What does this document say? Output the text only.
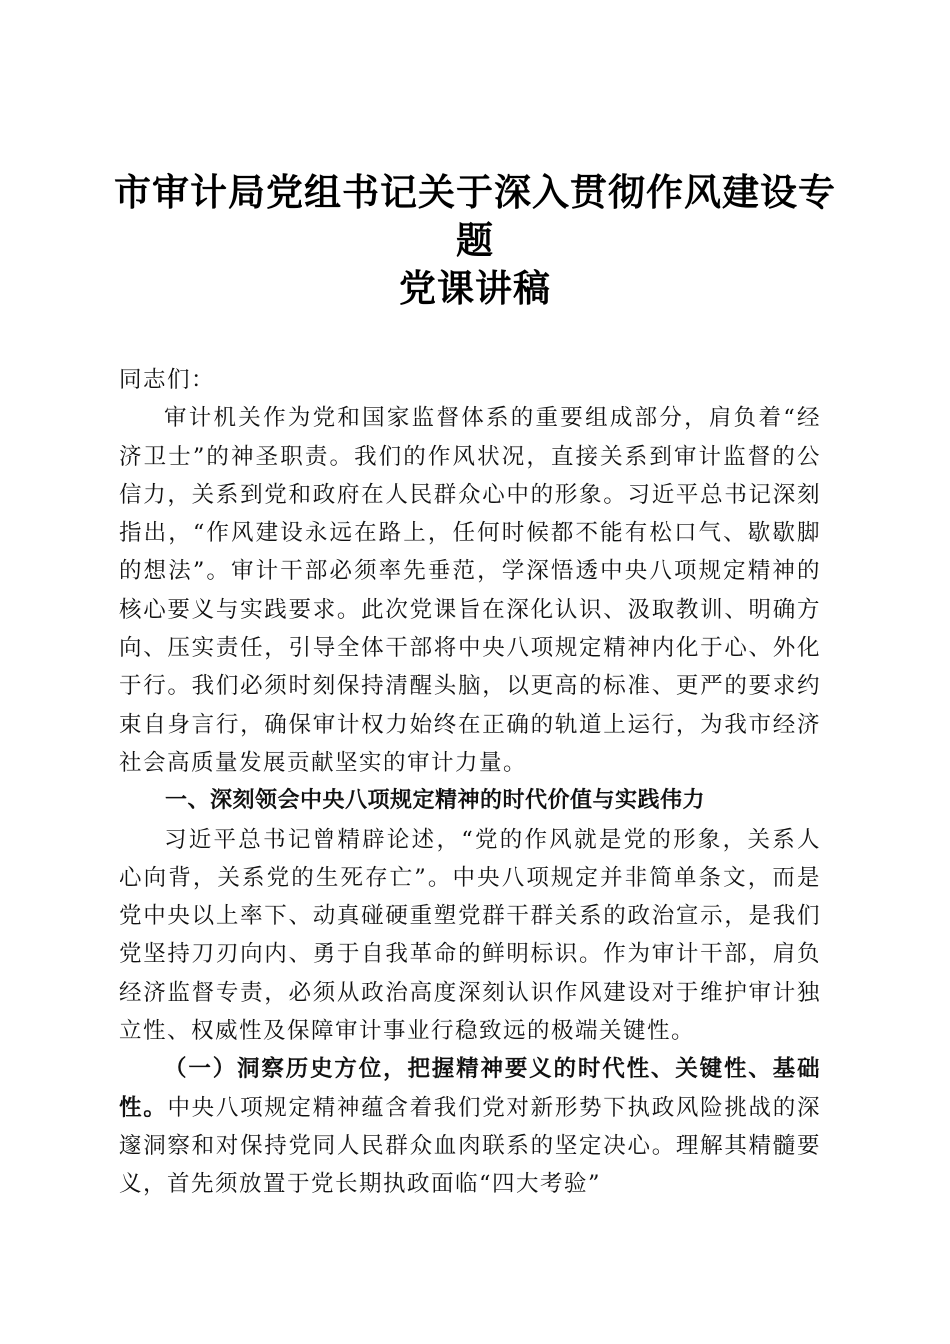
市审计局党组书记关于深入贯彻作风建设专题
党课讲稿

同志们：

审计机关作为党和国家监督体系的重要组成部分，肩负着“经济卫士”的神圣职责。我们的作风状况，直接关系到审计监督的公信力，关系到党和政府在人民群众心中的形象。习近平总书记深刻指出，“作风建设永远在路上，任何时候都不能有松口气、歇歇脚的想法”。审计干部必须率先垂范，学深悟透中央八项规定精神的核心要义与实践要求。此次党课旨在深化认识、汲取教训、明确方向、压实责任，引导全体干部将中央八项规定精神内化于心、外化于行。我们必须时刻保持清醒头脑，以更高的标准、更严的要求约束自身言行，确保审计权力始终在正确的轨道上运行，为我市经济社会高质量发展贡献坚实的审计力量。

一、深刻领会中央八项规定精神的时代价值与实践伟力

习近平总书记曾精辟论述，“党的作风就是党的形象，关系人心向背，关系党的生死存亡”。中央八项规定并非简单条文，而是党中央以上率下、动真碰硬重塑党群干群关系的政治宣示，是我们党坚持刀刃向内、勇于自我革命的鲜明标识。作为审计干部，肩负经济监督专责，必须从政治高度深刻认识作风建设对于维护审计独立性、权威性及保障审计事业行稳致远的极端关键性。

（一）洞察历史方位，把握精神要义的时代性、关键性、基础性。中央八项规定精神蕴含着我们党对新形势下执政风险挑战的深邃洞察和对保持党同人民群众血肉联系的坚定决心。理解其精髓要义，首先须放置于党长期执政面临“四大考验”
